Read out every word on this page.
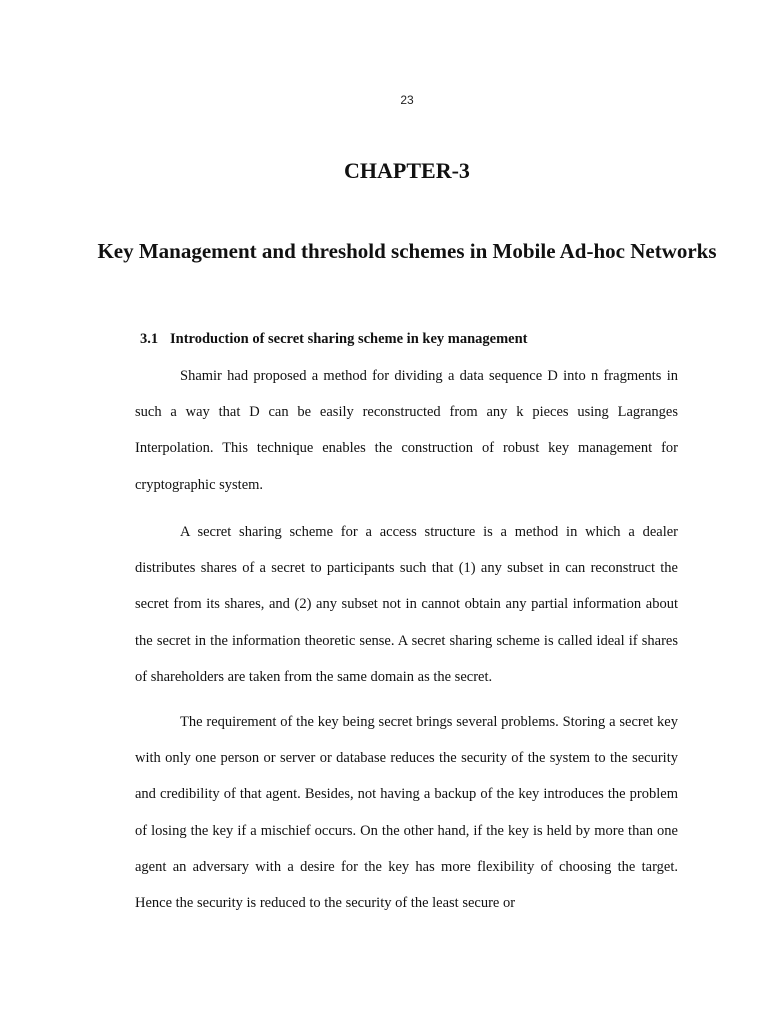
23
CHAPTER-3
Key Management and threshold schemes in Mobile Ad-hoc Networks
3.1 Introduction of secret sharing scheme in key management

Shamir had proposed a method for dividing a data sequence D into n fragments in such a way that D can be easily reconstructed from any k pieces using Lagranges Interpolation. This technique enables the construction of robust key management for cryptographic system.

A secret sharing scheme for a access structure is a method in which a dealer distributes shares of a secret to participants such that (1) any subset in can reconstruct the secret from its shares, and (2) any subset not in cannot obtain any partial information about the secret in the information theoretic sense. A secret sharing scheme is called ideal if shares of shareholders are taken from the same domain as the secret.

The requirement of the key being secret brings several problems. Storing a secret key with only one person or server or database reduces the security of the system to the security and credibility of that agent. Besides, not having a backup of the key introduces the problem of losing the key if a mischief occurs. On the other hand, if the key is held by more than one agent an adversary with a desire for the key has more flexibility of choosing the target. Hence the security is reduced to the security of the least secure or
